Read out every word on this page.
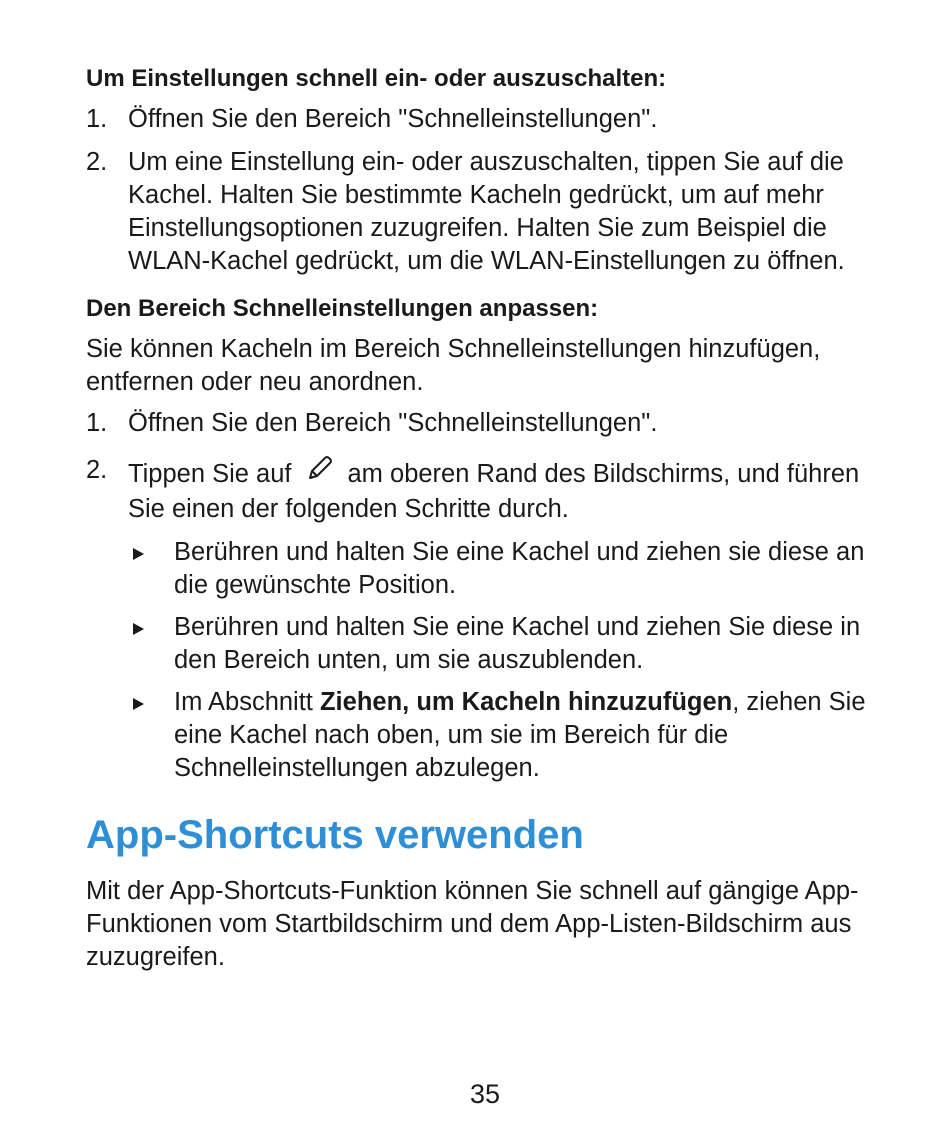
Um Einstellungen schnell ein- oder auszuschalten:
1. Öffnen Sie den Bereich "Schnelleinstellungen".
2. Um eine Einstellung ein- oder auszuschalten, tippen Sie auf die Kachel. Halten Sie bestimmte Kacheln gedrückt, um auf mehr Einstellungsoptionen zuzugreifen. Halten Sie zum Beispiel die WLAN-Kachel gedrückt, um die WLAN-Einstellungen zu öffnen.
Den Bereich Schnelleinstellungen anpassen:
Sie können Kacheln im Bereich Schnelleinstellungen hinzufügen, entfernen oder neu anordnen.
1. Öffnen Sie den Bereich "Schnelleinstellungen".
2. Tippen Sie auf am oberen Rand des Bildschirms, und führen Sie einen der folgenden Schritte durch.
Berühren und halten Sie eine Kachel und ziehen sie diese an die gewünschte Position.
Berühren und halten Sie eine Kachel und ziehen Sie diese in den Bereich unten, um sie auszublenden.
Im Abschnitt Ziehen, um Kacheln hinzuzufügen, ziehen Sie eine Kachel nach oben, um sie im Bereich für die Schnelleinstellungen abzulegen.
App-Shortcuts verwenden
Mit der App-Shortcuts-Funktion können Sie schnell auf gängige App-Funktionen vom Startbildschirm und dem App-Listen-Bildschirm aus zuzugreifen.
35
